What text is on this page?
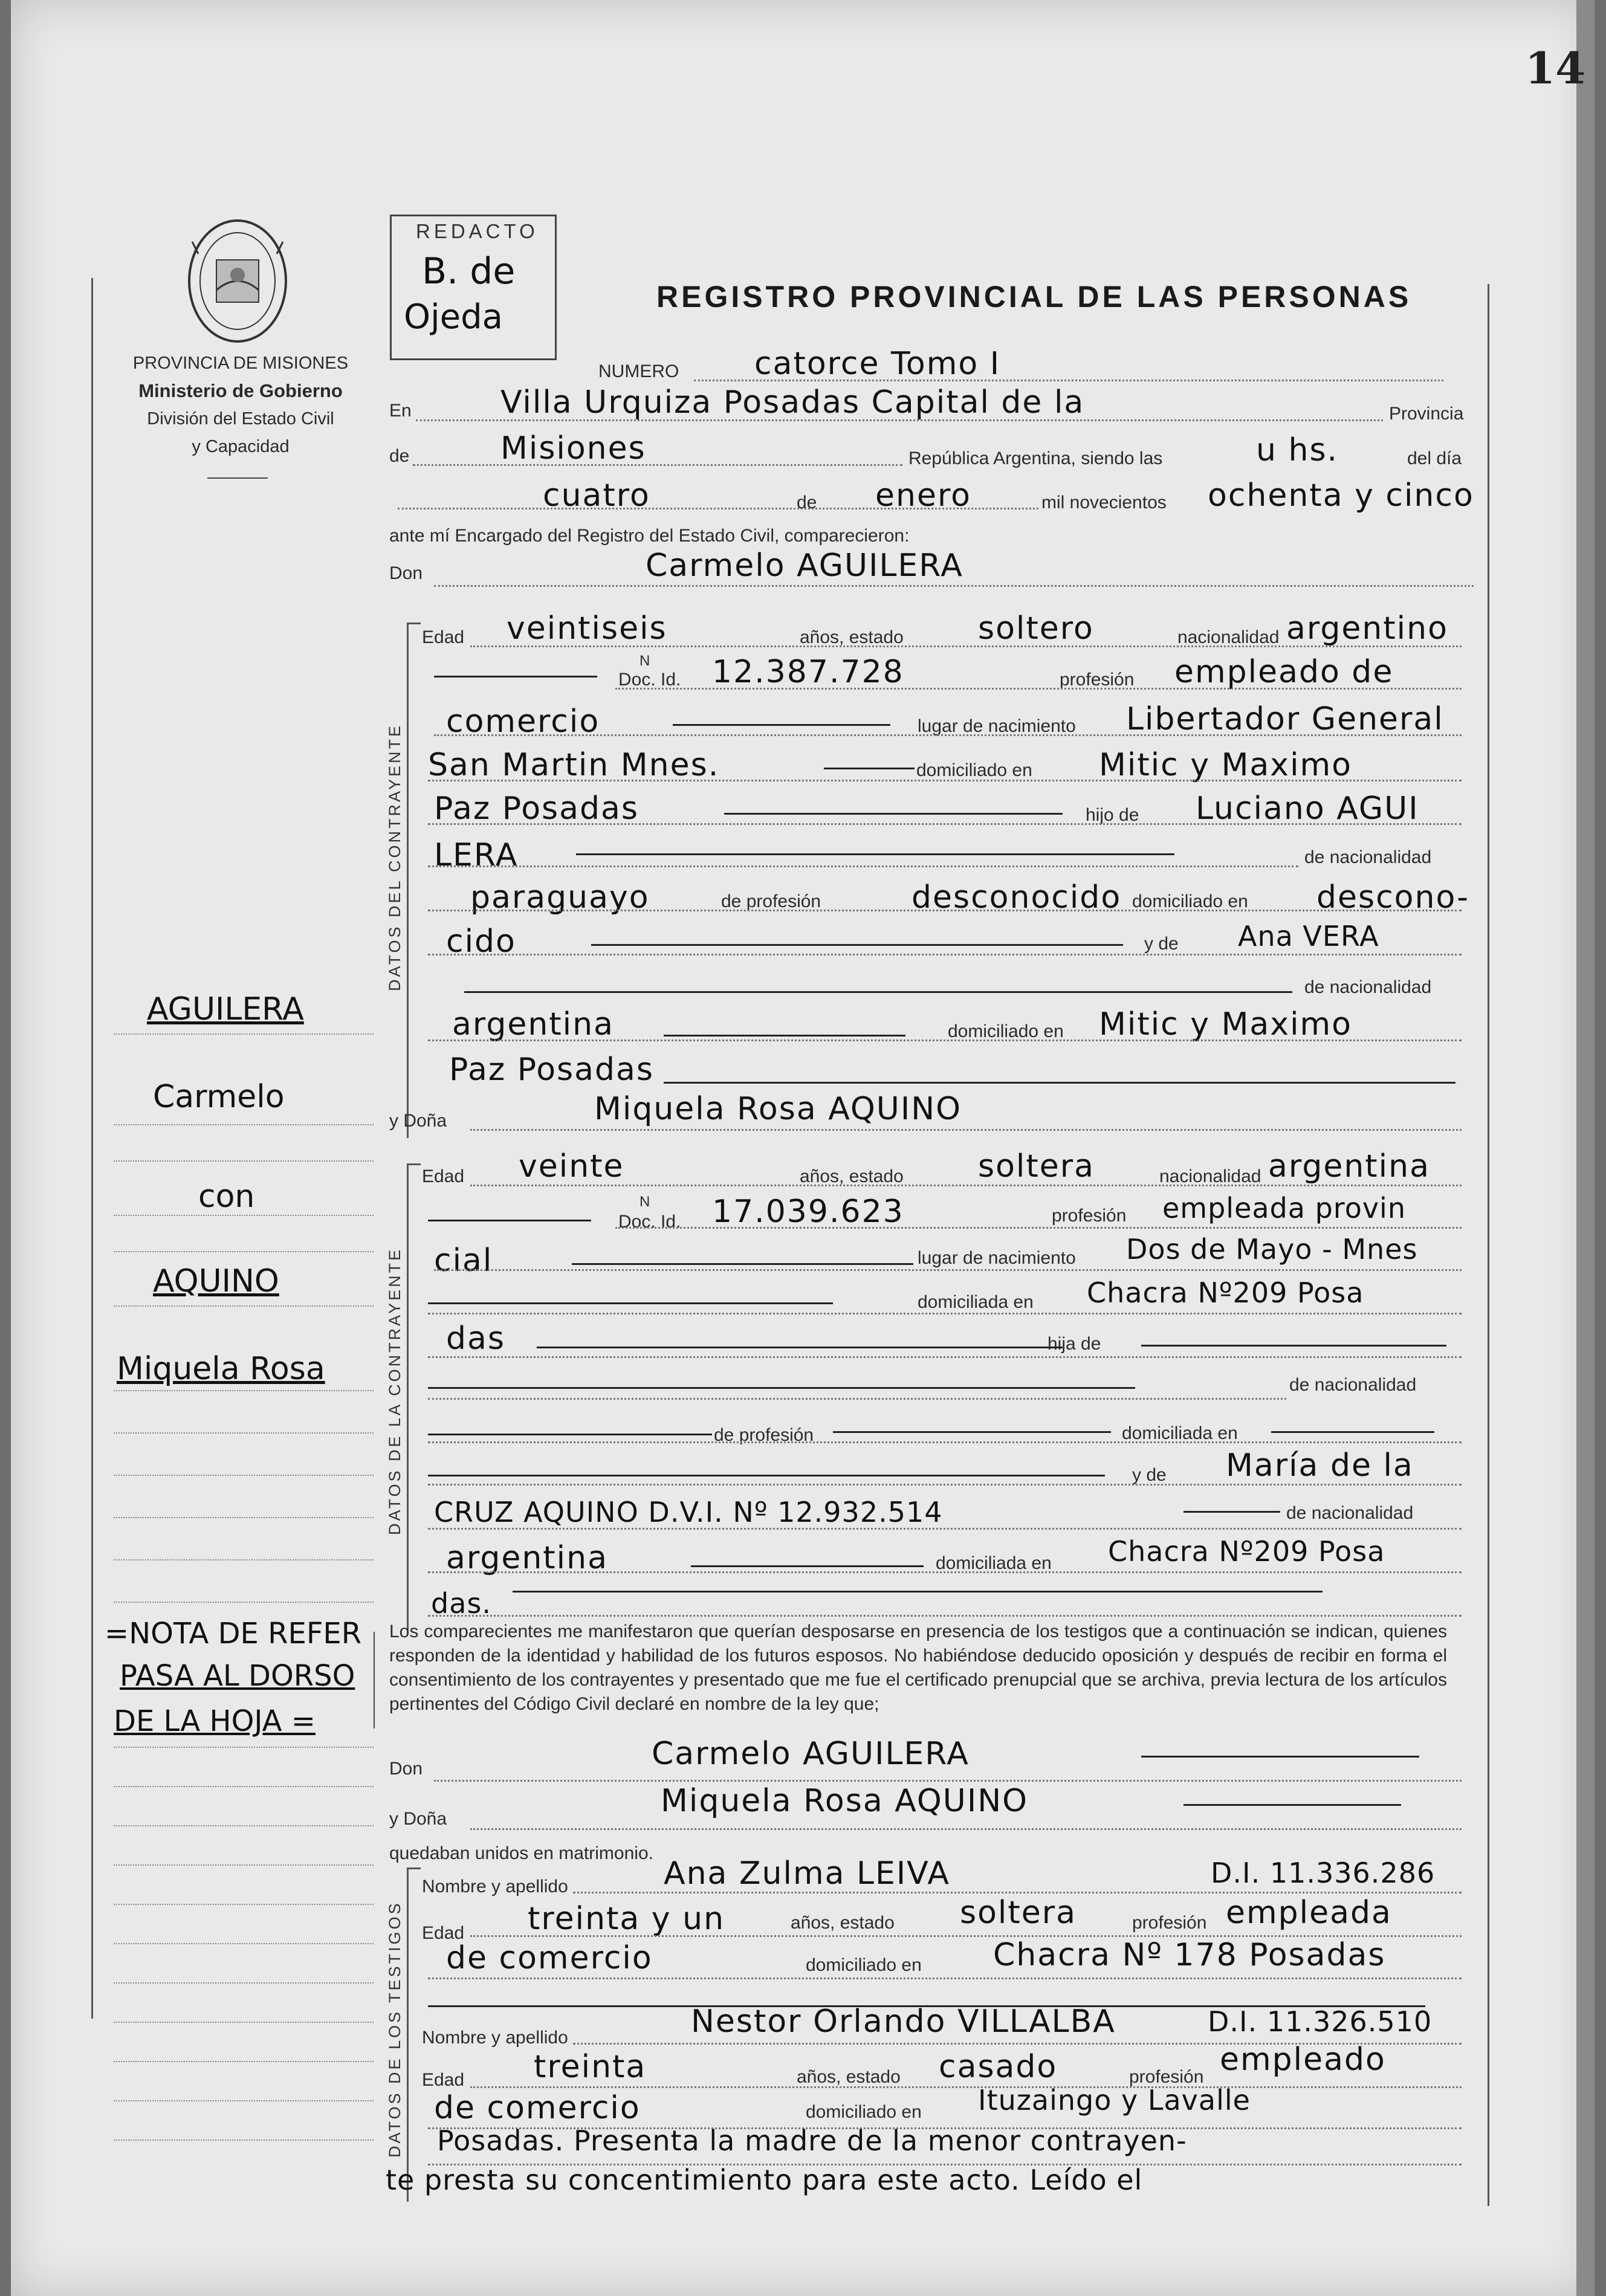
14
PROVINCIA DE MISIONES
Ministerio de Gobierno
División del Estado Civil
y Capacidad
REDACTO
B. de
Ojeda
REGISTRO PROVINCIAL DE LAS PERSONAS
NUMERO catorce Tomo I
En	Villa Urquiza Posadas Capital de la	Provincia
de	Misiones	República Argentina, siendo las	u hs.	del día
cuatro	de enero	mil novecientos ochenta y cinco
ante mí Encargado del Registro del Estado Civil, comparecieron:
Don	Carmelo AGUILERA
DATOS DEL CONTRAYENTE
Edad veintiseis	años, estado soltero	nacionalidad argentino
Doc. Id.
N 12.387.728	profesión empleado de
comercio	lugar de nacimiento Libertador General
San Martin Mnes.	domiciliado en Mitic y Maximo
Paz Posadas	hijo de Luciano AGUI
LERA	de nacionalidad
paraguayo	de profesión	desconocido domiciliado en descono-
cido	y de Ana VERA
de nacionalidad
argentina	domiciliado en Mitic y Maximo
Paz Posadas
y Doña	Miquela Rosa AQUINO
DATOS DE LA CONTRAYENTE
Edad veinte	años, estado soltera	nacionalidad argentina
Doc. Id.
N 17.039.623	profesión empleada provin
cial	lugar de nacimiento Dos de Mayo - Mnes
domiciliada en Chacra Nº209 Posa
das	hija de
de nacionalidad
de profesión	domiciliada en
y de María de la
CRUZ AQUINO D.V.I. Nº 12.932.514	de nacionalidad
argentina	domiciliada en Chacra Nº209 Posa
das.
Los comparecientes me manifestaron que querían desposarse en presencia de los testigos que a continuación se indican, quienes responden de la identidad y habilidad de los futuros esposos. No habiéndose deducido oposición y después de recibir en forma el consentimiento de los contrayentes y presentado que me fue el certificado prenupcial que se archiva, previa lectura de los artículos pertinentes del Código Civil declaré en nombre de la ley que;
Don	Carmelo AGUILERA
y Doña	Miquela Rosa AQUINO
quedaban unidos en matrimonio.
DATOS DE LOS TESTIGOS
Nombre y apellido	Ana Zulma LEIVA	D.I. 11.336.286
Edad treinta y un	años, estado soltera	profesión empleada
de comercio	domiciliado en Chacra Nº 178 Posadas
Nombre y apellido	Nestor Orlando VILLALBA	D.I. 11.326.510
Edad treinta	años, estado casado	profesión empleado
de comercio	domiciliado en Ituzaingo y Lavalle
Posadas. Presenta la madre de la menor contrayen-
te presta su concentimiento para este acto. Leído el
AGUILERA
Carmelo
con
AQUINO
Miquela Rosa
=NOTA DE REFER
PASA AL DORSO
DE LA HOJA =
